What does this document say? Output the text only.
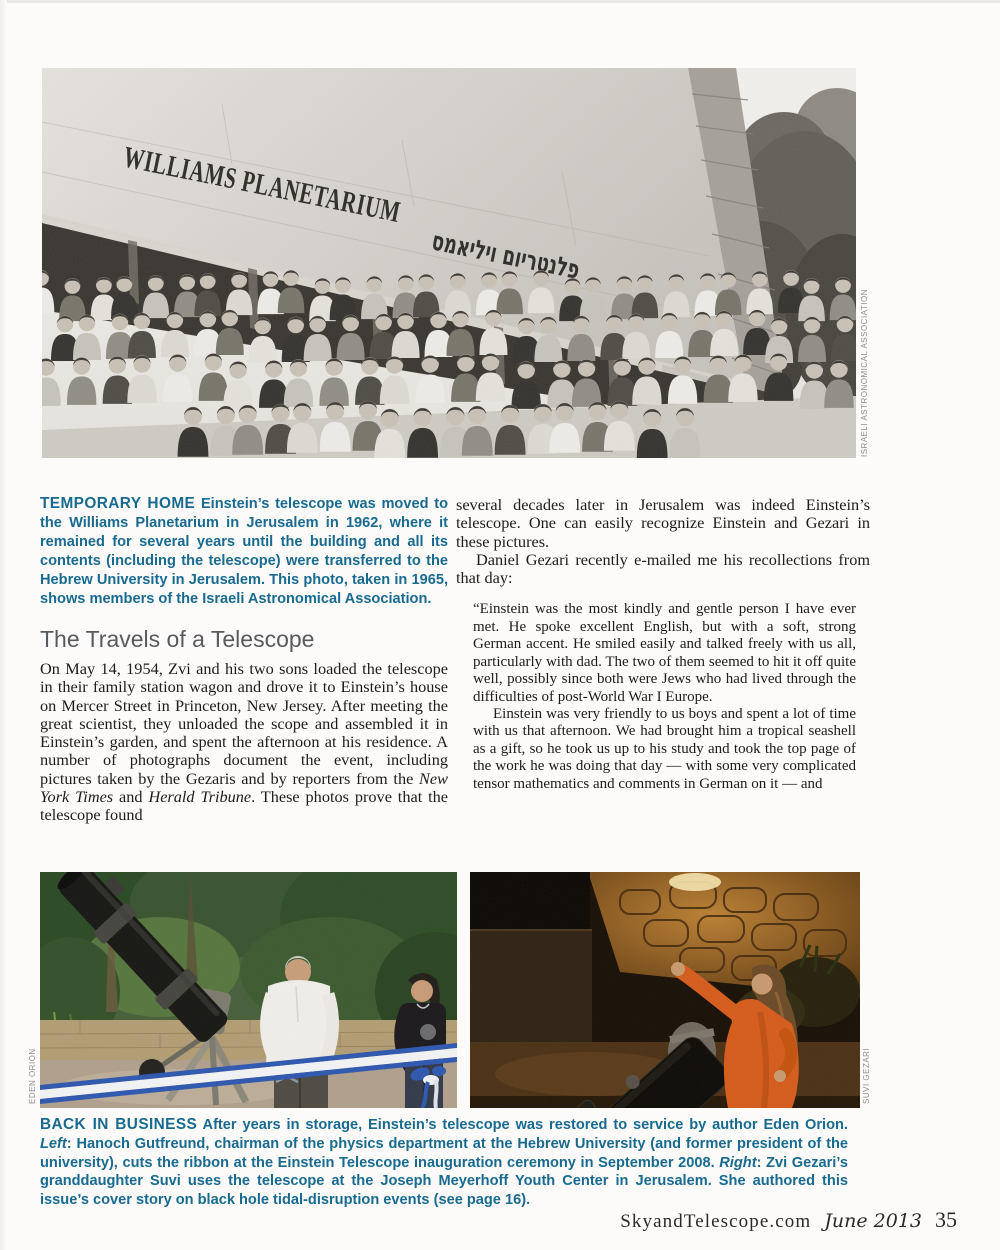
WILLIAMS PLANETARIUM
פלנטריום ויליאמס
ISRAELI ASTRONOMICAL ASSOCIATION
TEMPORARY HOME Einstein’s telescope was moved to the Williams Planetarium in Jerusalem in 1962, where it remained for several years until the building and all its contents (including the telescope) were transferred to the Hebrew University in Jerusalem. This photo, taken in 1965, shows members of the Israeli Astronomical Association.
The Travels of a Telescope

On May 14, 1954, Zvi and his two sons loaded the telescope in their family station wagon and drove it to Einstein’s house on Mercer Street in Princeton, New Jersey. After meeting the great scientist, they unloaded the scope and assembled it in Einstein’s garden, and spent the afternoon at his residence. A number of photographs document the event, including pictures taken by the Gezaris and by reporters from the New York Times and Herald Tribune. These photos prove that the telescope found

several decades later in Jerusalem was indeed Einstein’s telescope. One can easily recognize Einstein and Gezari in these pictures.

Daniel Gezari recently e-mailed me his recollections from that day:

“Einstein was the most kindly and gentle person I have ever met. He spoke excellent English, but with a soft, strong German accent. He smiled easily and talked freely with us all, particularly with dad. The two of them seemed to hit it off quite well, possibly since both were Jews who had lived through the difficulties of post-World War I Europe.

Einstein was very friendly to us boys and spent a lot of time with us that afternoon. We had brought him a tropical seashell as a gift, so he took us up to his study and took the top page of the work he was doing that day — with some very complicated tensor mathematics and comments in German on it — and

EDEN ORION	SUVI GEZARI
BACK IN BUSINESS After years in storage, Einstein’s telescope was restored to service by author Eden Orion. Left: Hanoch Gutfreund, chairman of the physics department at the Hebrew University (and former president of the university), cuts the ribbon at the Einstein Telescope inauguration ceremony in September 2008. Right: Zvi Gezari’s granddaughter Suvi uses the telescope at the Joseph Meyerhoff Youth Center in Jerusalem. She authored this issue’s cover story on black hole tidal-disruption events (see page 16).
SkyandTelescope.com June 2013 35
